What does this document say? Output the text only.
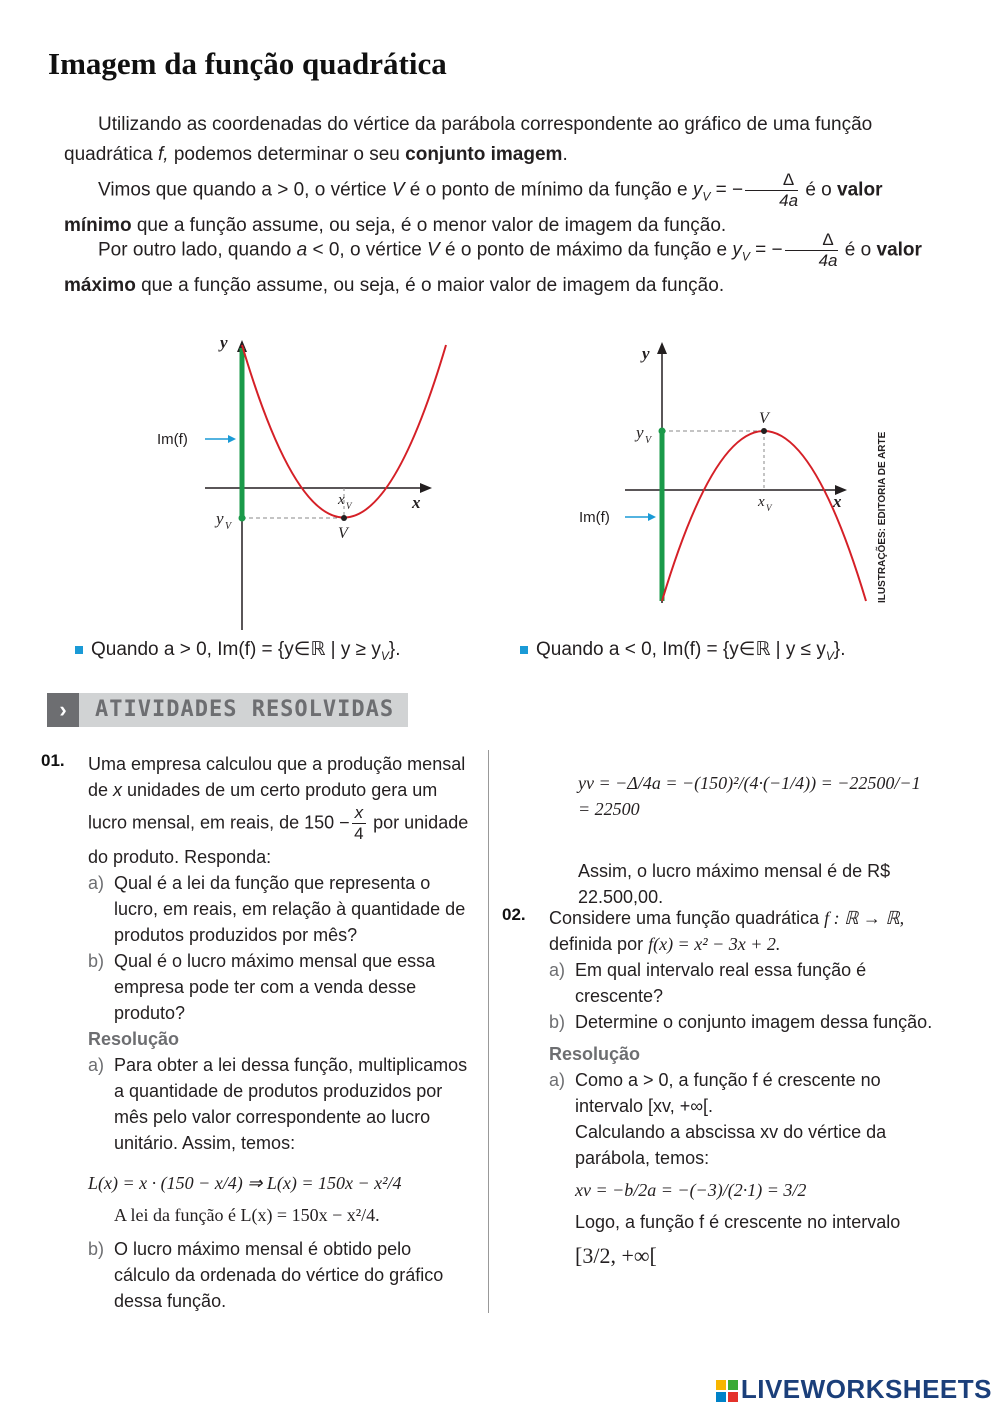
Imagem da função quadrática

Utilizando as coordenadas do vértice da parábola correspondente ao gráfico de uma função quadrática f, podemos determinar o seu conjunto imagem.

Vimos que quando a > 0, o vértice V é o ponto de mínimo da função e $y_V$ = − $\frac{\Delta}{4a}$ é o valor mínimo que a função assume, ou seja, é o menor valor de imagem da função.

Por outro lado, quando a < 0, o vértice V é o ponto de máximo da função e $y_V$ = − $\frac{\Delta}{4a}$ é o valor máximo que a função assume, ou seja, é o maior valor de imagem da função.

y
x
Im(f)
y V
x V
V
y
x
Im(f)
y V
x V
V
ILUSTRAÇÕES: EDITORIA DE ARTE
Quando a > 0, Im(f) = {y∈ℝ | $y \ge y_V$}.	Quando a < 0, Im(f) = {y∈ℝ | $y \le y_V$}.
›	ATIVIDADES RESOLVIDAS
01. Uma empresa calculou que a produção mensal de x unidades de um certo produto gera um lucro mensal, em reais, de $150 - \frac{x}{4}$ por unidade do produto. Responda:
a) Qual é a lei da função que representa o lucro, em reais, em relação à quantidade de produtos produzidos por mês?
b) Qual é o lucro máximo mensal que essa empresa pode ter com a venda desse produto?
Resolução
a) Para obter a lei dessa função, multiplicamos a quantidade de produtos produzidos por mês pelo valor correspondente ao lucro unitário. Assim, temos:
L(x) = x · (150 − x/4) ⇒ L(x) = 150x − x²/4
A lei da função é L(x) = 150x − x²/4.
b) O lucro máximo mensal é obtido pelo cálculo da ordenada do vértice do gráfico dessa função.
yv = −Δ/4a = −(150)²/(4·(−1/4)) = −22500/−1 = 22500
Assim, o lucro máximo mensal é de R$ 22.500,00.
02. Considere uma função quadrática f : ℝ → ℝ, definida por f(x) = x² − 3x + 2.
a) Em qual intervalo real essa função é crescente?
b) Determine o conjunto imagem dessa função.
Resolução
a) Como a > 0, a função f é crescente no intervalo [xv, +∞[.
Calculando a abscissa xv do vértice da parábola, temos:
xv = −b/2a = −(−3)/(2·1) = 3/2
Logo, a função f é crescente no intervalo
[3/2, +∞[
LIVEWORKSHEETS
